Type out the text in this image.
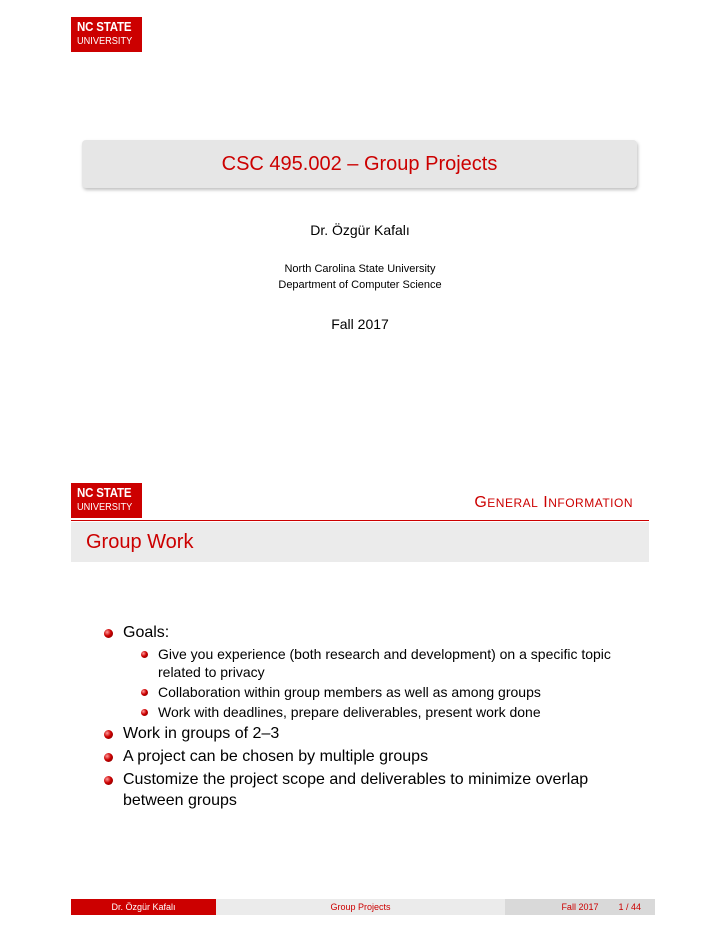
NC STATE
UNIVERSITY
CSC 495.002 – Group Projects
Dr. Özgür Kafalı
North Carolina State University
Department of Computer Science
Fall 2017
NC STATE
UNIVERSITY	GENERAL INFORMATION
Group Work
Goals:
Give you experience (both research and development) on a specific topic related to privacy
Collaboration within group members as well as among groups
Work with deadlines, prepare deliverables, present work done
Work in groups of 2–3
A project can be chosen by multiple groups
Customize the project scope and deliverables to minimize overlap between groups
Dr. Özgür Kafalı	Group Projects	Fall 2017 1 / 44
